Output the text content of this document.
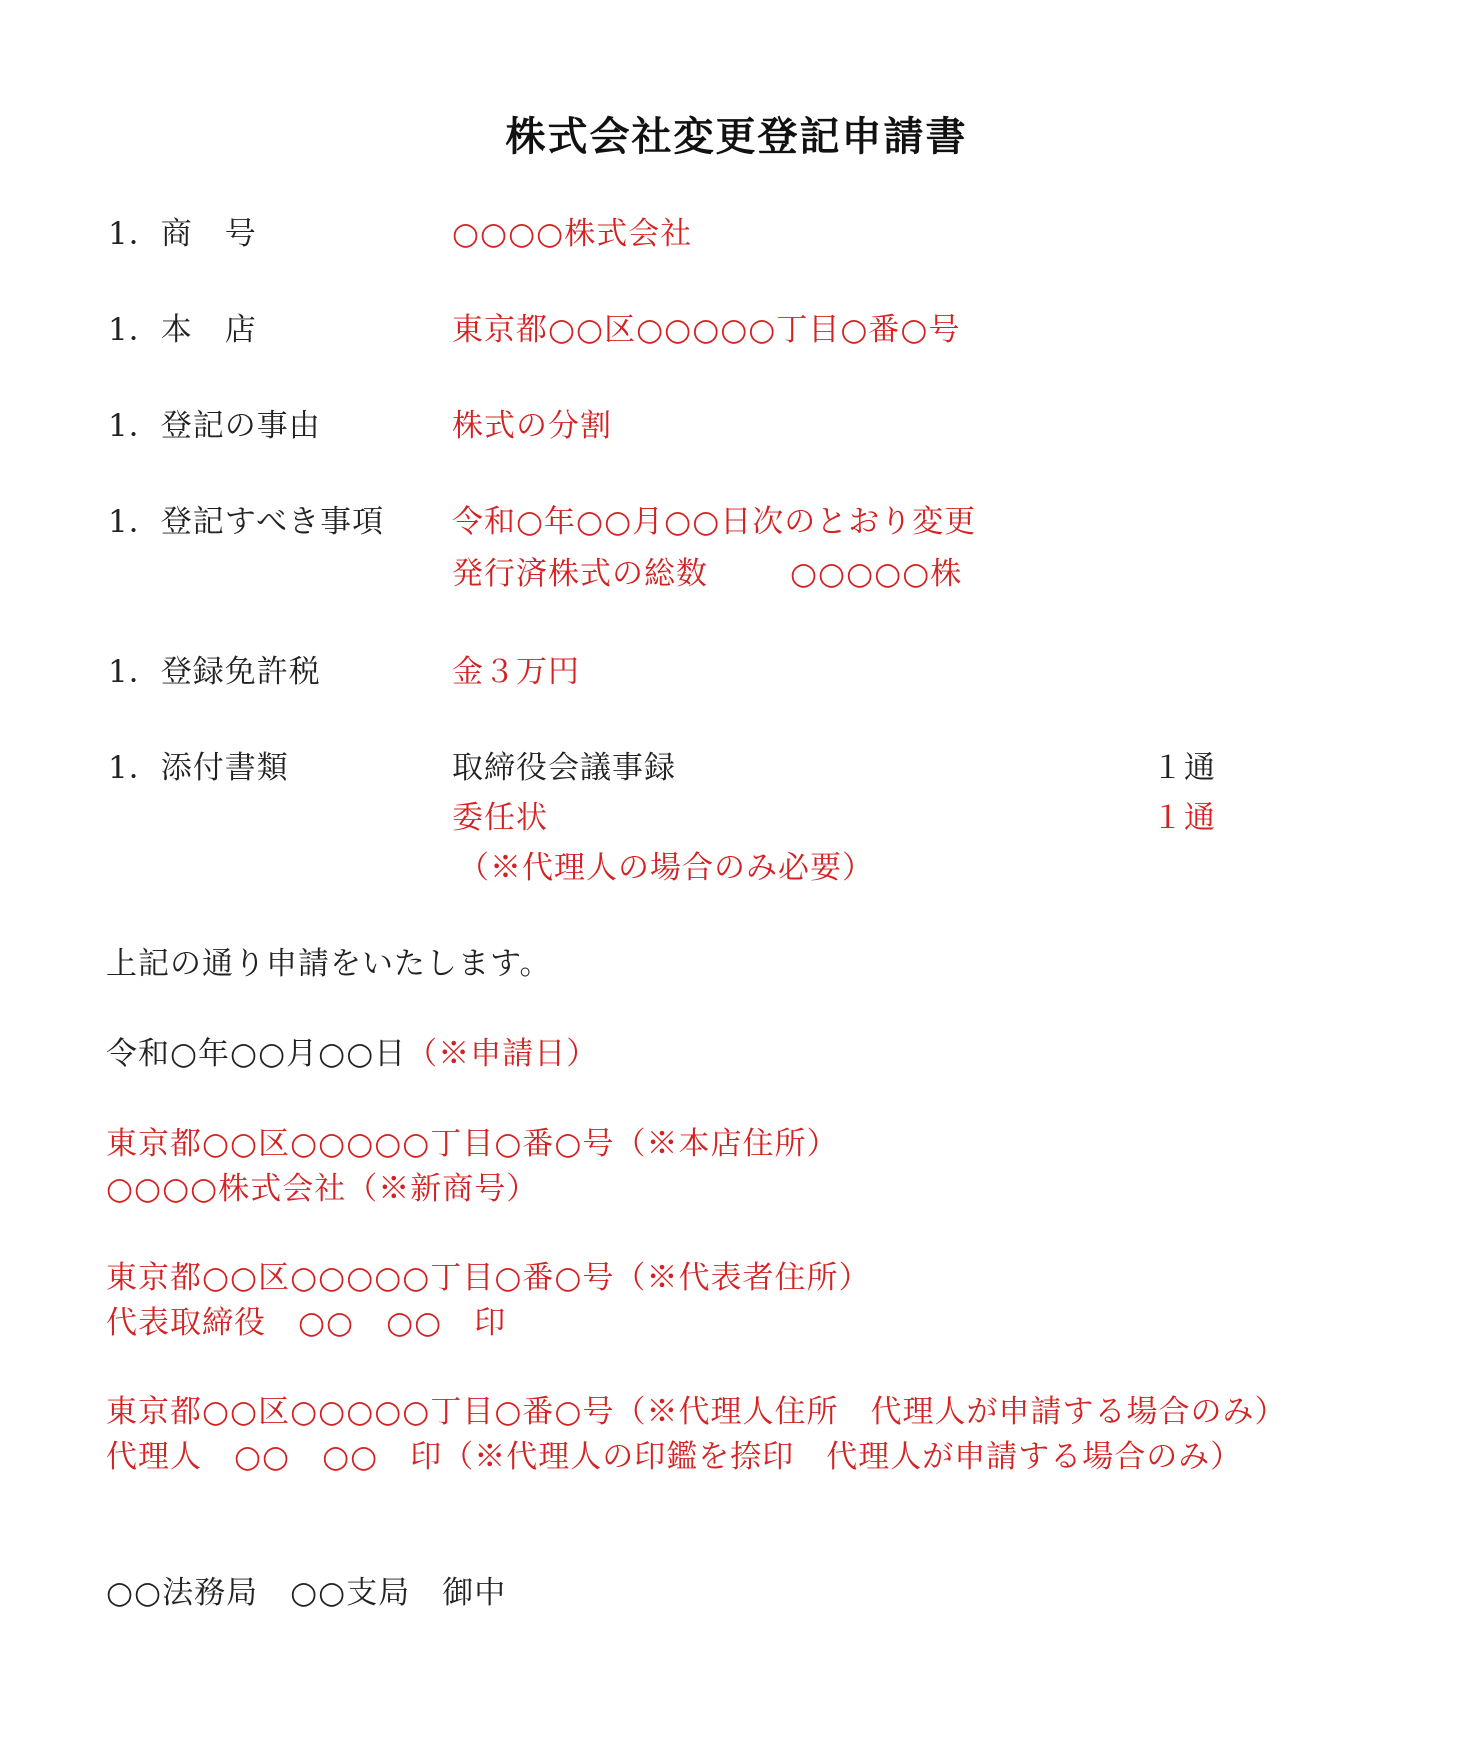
株式会社変更登記申請書
1．商　号	○○○○株式会社
1．本　店	東京都○○区○○○○○丁目○番○号
1．登記の事由	株式の分割
1．登記すべき事項 令和○年○○月○○日次のとおり変更
発行済株式の総数	○○○○○株
1．登録免許税	金３万円
1．添付書類	取締役会議事録	１通
委任状	１通
（※代理人の場合のみ必要）
上記の通り申請をいたします。
令和○年○○月○○日（※申請日）
東京都○○区○○○○○丁目○番○号（※本店住所）
○○○○株式会社（※新商号）
東京都○○区○○○○○丁目○番○号（※代表者住所）
代表取締役　○○　○○　印
東京都○○区○○○○○丁目○番○号（※代理人住所　代理人が申請する場合のみ）
代理人　○○　○○　印（※代理人の印鑑を捺印　代理人が申請する場合のみ）
○○法務局　○○支局　御中
